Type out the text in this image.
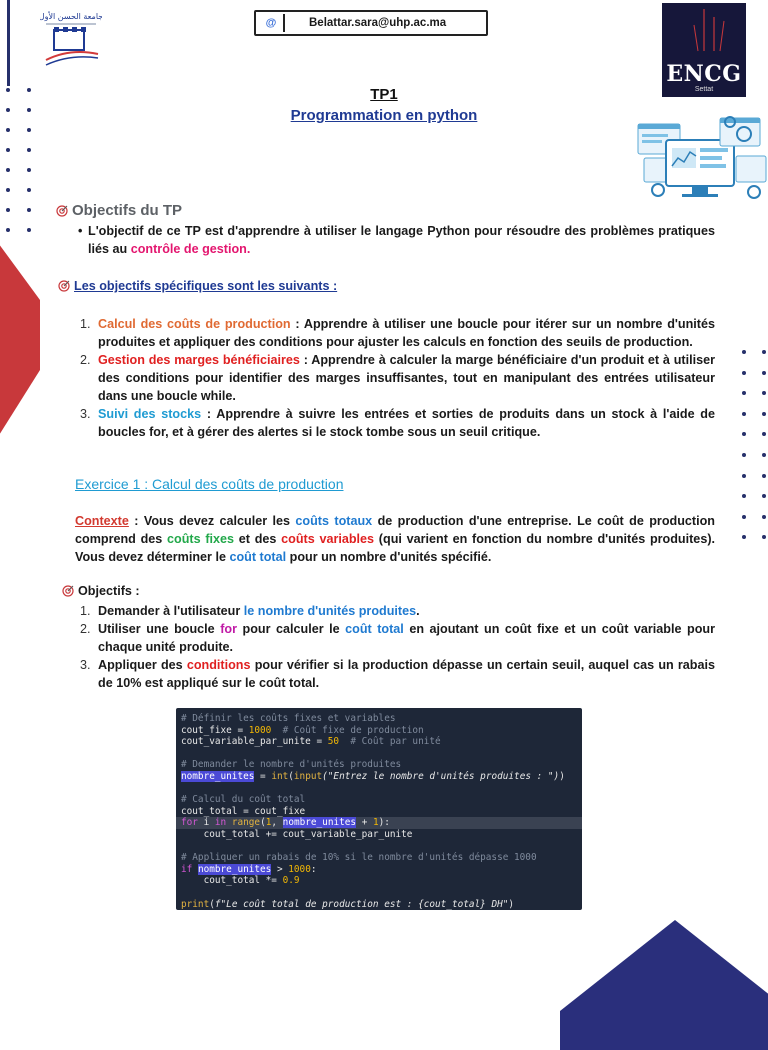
جامعة الحسن الأول
@	Belattar.sara@uhp.ac.ma
ENCG
Settat
TP1
Programmation en python
Objectifs du TP
• L'objectif de ce TP est d'apprendre à utiliser le langage Python pour résoudre des problèmes pratiques liés au contrôle de gestion.
Les objectifs spécifiques sont les suivants :
1. Calcul des coûts de production : Apprendre à utiliser une boucle pour itérer sur un nombre d'unités produites et appliquer des conditions pour ajuster les calculs en fonction des seuils de production.
2. Gestion des marges bénéficiaires : Apprendre à calculer la marge bénéficiaire d'un produit et à utiliser des conditions pour identifier des marges insuffisantes, tout en manipulant des entrées utilisateur dans une boucle while.
3. Suivi des stocks : Apprendre à suivre les entrées et sorties de produits dans un stock à l'aide de boucles for, et à gérer des alertes si le stock tombe sous un seuil critique.
Exercice 1 : Calcul des coûts de production
Contexte : Vous devez calculer les coûts totaux de production d'une entreprise. Le coût de production comprend des coûts fixes et des coûts variables (qui varient en fonction du nombre d'unités produites). Vous devez déterminer le coût total pour un nombre d'unités spécifié.
Objectifs :
1. Demander à l'utilisateur le nombre d'unités produites.
2. Utiliser une boucle for pour calculer le coût total en ajoutant un coût fixe et un coût variable pour chaque unité produite.
3. Appliquer des conditions pour vérifier si la production dépasse un certain seuil, auquel cas un rabais de 10% est appliqué sur le coût total.
# Définir les coûts fixes et variables
cout_fixe = 1000  # Coût fixe de production
cout_variable_par_unite = 50  # Coût par unité
# Demander le nombre d'unités produites
nombre_unites = int(input("Entrez le nombre d'unités produites : "))
# Calcul du coût total
cout_total = cout_fixe
for i in range(1, nombre_unites + 1):
cout_total += cout_variable_par_unite
# Appliquer un rabais de 10% si le nombre d'unités dépasse 1000
if nombre_unites > 1000:
cout_total *= 0.9
print(f"Le coût total de production est : {cout_total} DH")
